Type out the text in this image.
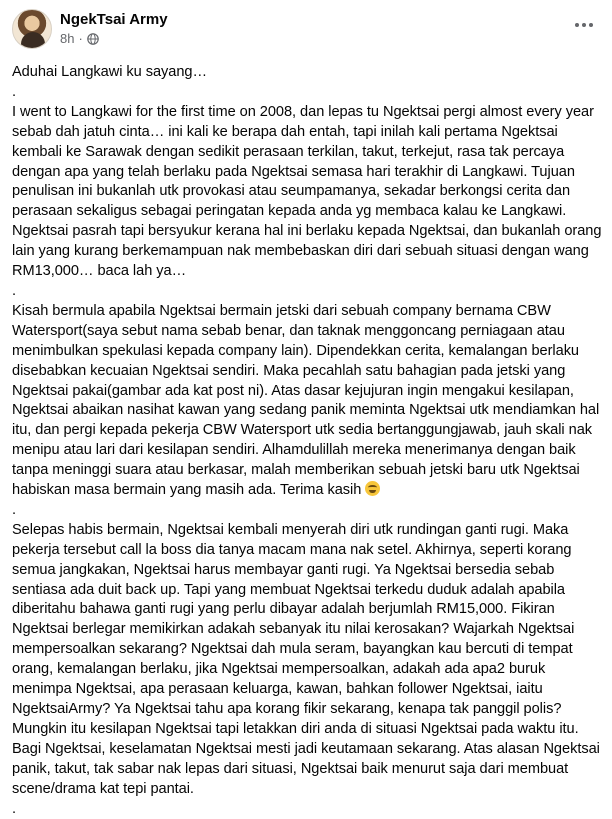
NgekTsai Army
8h ·

Aduhai Langkawi ku sayang…

.

I went to Langkawi for the first time on 2008, dan lepas tu Ngektsai pergi almost every year sebab dah jatuh cinta… ini kali ke berapa dah entah, tapi inilah kali pertama Ngektsai kembali ke Sarawak dengan sedikit perasaan terkilan, takut, terkejut, rasa tak percaya dengan apa yang telah berlaku pada Ngektsai semasa hari terakhir di Langkawi. Tujuan penulisan ini bukanlah utk provokasi atau seumpamanya, sekadar berkongsi cerita dan perasaan sekaligus sebagai peringatan kepada anda yg membaca kalau ke Langkawi. Ngektsai pasrah tapi bersyukur kerana hal ini berlaku kepada Ngektsai, dan bukanlah orang lain yang kurang berkemampuan nak membebaskan diri dari sebuah situasi dengan wang RM13,000… baca lah ya…

.

Kisah bermula apabila Ngektsai bermain jetski dari sebuah company bernama CBW Watersport(saya sebut nama sebab benar, dan taknak menggoncang perniagaan atau menimbulkan spekulasi kepada company lain). Dipendekkan cerita, kemalangan berlaku disebabkan kecuaian Ngektsai sendiri. Maka pecahlah satu bahagian pada jetski yang Ngektsai pakai(gambar ada kat post ni). Atas dasar kejujuran ingin mengakui kesilapan, Ngektsai abaikan nasihat kawan yang sedang panik meminta Ngektsai utk mendiamkan hal itu, dan pergi kepada pekerja CBW Watersport utk sedia bertanggungjawab, jauh skali nak menipu atau lari dari kesilapan sendiri. Alhamdulillah mereka menerimanya dengan baik tanpa meninggi suara atau berkasar, malah memberikan sebuah jetski baru utk Ngektsai habiskan masa bermain yang masih ada. Terima kasih

.

Selepas habis bermain, Ngektsai kembali menyerah diri utk rundingan ganti rugi. Maka pekerja tersebut call la boss dia tanya macam mana nak setel. Akhirnya, seperti korang semua jangkakan, Ngektsai harus membayar ganti rugi. Ya Ngektsai bersedia sebab sentiasa ada duit back up. Tapi yang membuat Ngektsai terkedu duduk adalah apabila diberitahu bahawa ganti rugi yang perlu dibayar adalah berjumlah RM15,000. Fikiran Ngektsai berlegar memikirkan adakah sebanyak itu nilai kerosakan? Wajarkah Ngektsai mempersoalkan sekarang? Ngektsai dah mula seram, bayangkan kau bercuti di tempat orang, kemalangan berlaku, jika Ngektsai mempersoalkan, adakah ada apa2 buruk menimpa Ngektsai, apa perasaan keluarga, kawan, bahkan follower Ngektsai, iaitu NgektsaiArmy? Ya Ngektsai tahu apa korang fikir sekarang, kenapa tak panggil polis? Mungkin itu kesilapan Ngektsai tapi letakkan diri anda di situasi Ngektsai pada waktu itu. Bagi Ngektsai, keselamatan Ngektsai mesti jadi keutamaan sekarang. Atas alasan Ngektsai panik, takut, tak sabar nak lepas dari situasi, Ngektsai baik menurut saja dari membuat scene/drama kat tepi pantai.

.
